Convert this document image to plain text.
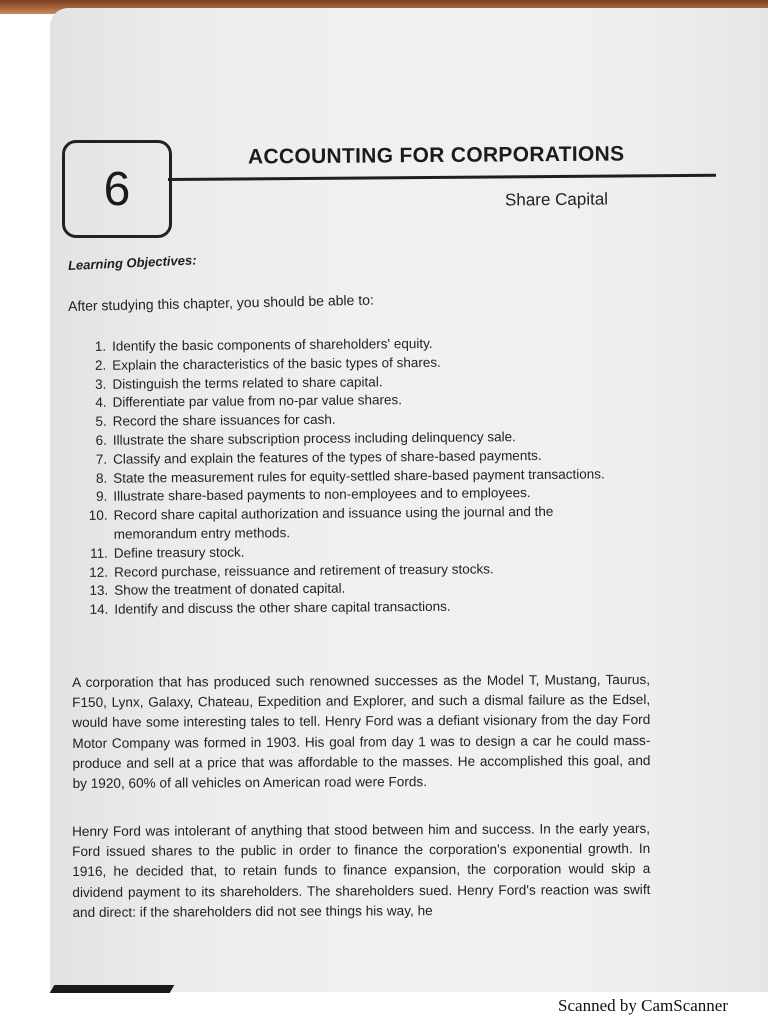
6
ACCOUNTING FOR CORPORATIONS
Share Capital
Learning Objectives:
After studying this chapter, you should be able to:
1. Identify the basic components of shareholders' equity.
2. Explain the characteristics of the basic types of shares.
3. Distinguish the terms related to share capital.
4. Differentiate par value from no-par value shares.
5. Record the share issuances for cash.
6. Illustrate the share subscription process including delinquency sale.
7. Classify and explain the features of the types of share-based payments.
8. State the measurement rules for equity-settled share-based payment transactions.
9. Illustrate share-based payments to non-employees and to employees.
10. Record share capital authorization and issuance using the journal and the memorandum entry methods.
11. Define treasury stock.
12. Record purchase, reissuance and retirement of treasury stocks.
13. Show the treatment of donated capital.
14. Identify and discuss the other share capital transactions.

A corporation that has produced such renowned successes as the Model T, Mustang, Taurus, F150, Lynx, Galaxy, Chateau, Expedition and Explorer, and such a dismal failure as the Edsel, would have some interesting tales to tell. Henry Ford was a defiant visionary from the day Ford Motor Company was formed in 1903. His goal from day 1 was to design a car he could mass-produce and sell at a price that was affordable to the masses. He accomplished this goal, and by 1920, 60% of all vehicles on American road were Fords.

Henry Ford was intolerant of anything that stood between him and success. In the early years, Ford issued shares to the public in order to finance the corporation's exponential growth. In 1916, he decided that, to retain funds to finance expansion, the corporation would skip a dividend payment to its shareholders. The shareholders sued. Henry Ford's reaction was swift and direct: if the shareholders did not see things his way, he

Scanned by CamScanner
